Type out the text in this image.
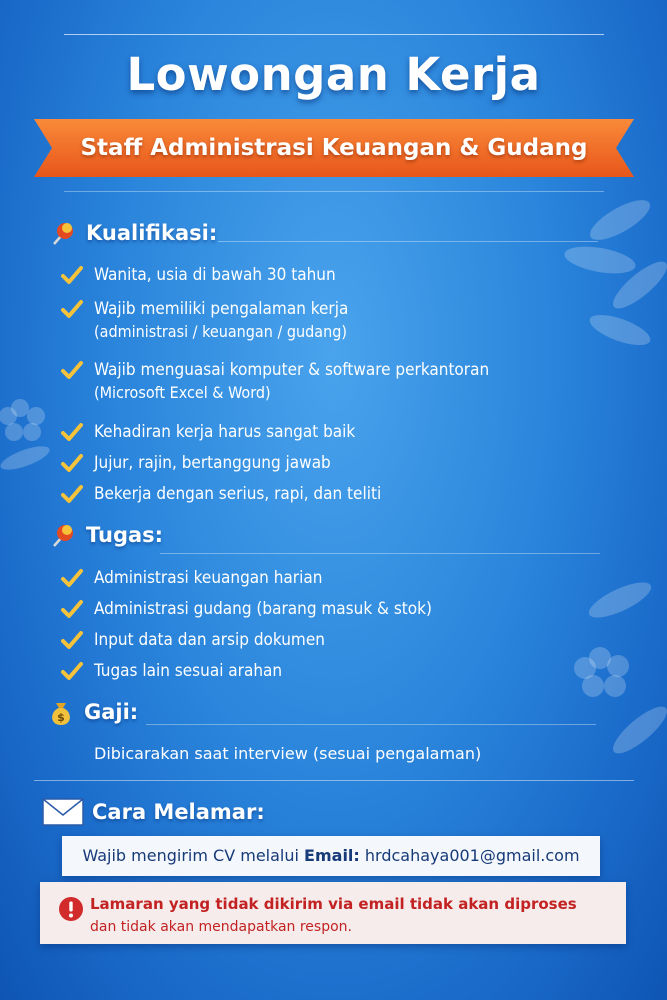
Lowongan Kerja
Staff Administrasi Keuangan & Gudang
Kualifikasi:
Wanita, usia di bawah 30 tahun
Wajib memiliki pengalaman kerja
(administrasi / keuangan / gudang)
Wajib menguasai komputer & software perkantoran
(Microsoft Excel & Word)
Kehadiran kerja harus sangat baik
Jujur, rajin, bertanggung jawab
Bekerja dengan serius, rapi, dan teliti
Tugas:
Administrasi keuangan harian
Administrasi gudang (barang masuk & stok)
Input data dan arsip dokumen
Tugas lain sesuai arahan
$ Gaji:
Dibicarakan saat interview (sesuai pengalaman)
Cara Melamar:
Wajib mengirim CV melalui Email: hrdcahaya001@gmail.com
Lamaran yang tidak dikirim via email tidak akan diproses
dan tidak akan mendapatkan respon.
